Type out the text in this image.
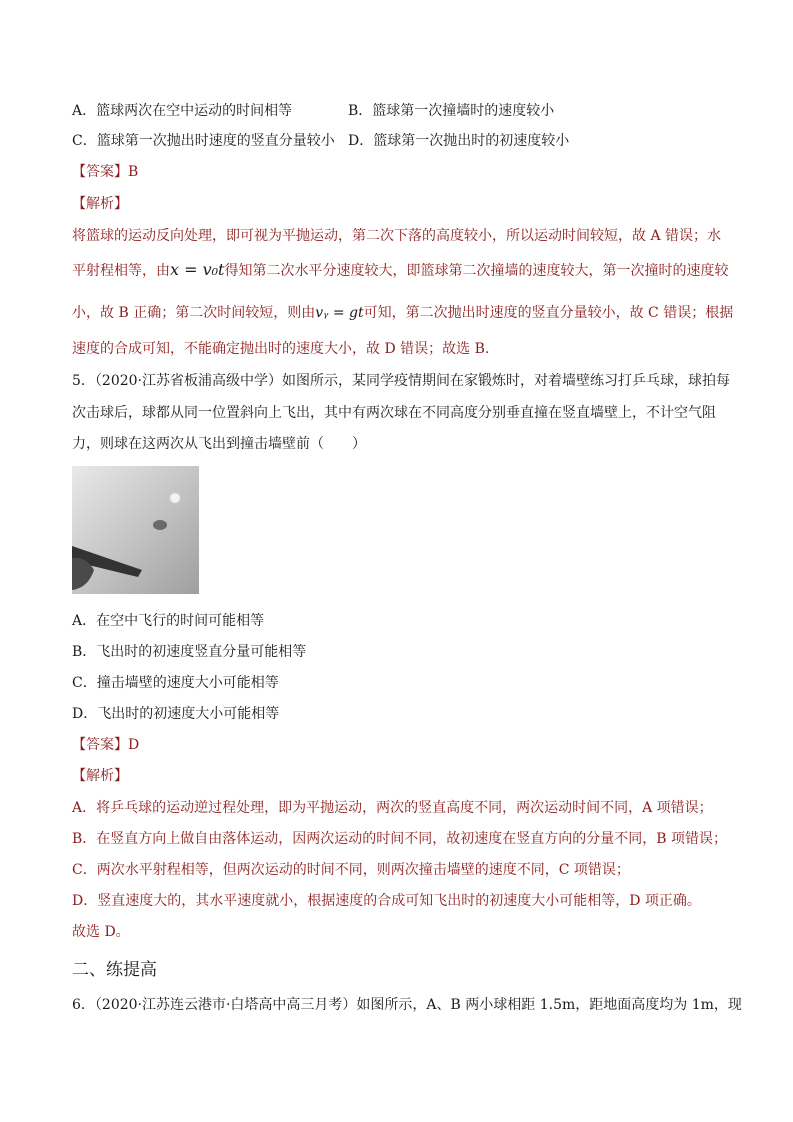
A．篮球两次在空中运动的时间相等	B．篮球第一次撞墙时的速度较小
C．篮球第一次抛出时速度的竖直分量较小 D．篮球第一次抛出时的初速度较小
【答案】B
【解析】
将篮球的运动反向处理，即可视为平抛运动，第二次下落的高度较小，所以运动时间较短，故 A 错误；水
平射程相等，由x = v₀t得知第二次水平分速度较大，即篮球第二次撞墙的速度较大，第一次撞时的速度较
小，故 B 正确；第二次时间较短，则由vᵧ = gt可知，第二次抛出时速度的竖直分量较小，故 C 错误；根据
速度的合成可知，不能确定抛出时的速度大小，故 D 错误；故选 B.
5．（2020·江苏省板浦高级中学）如图所示，某同学疫情期间在家锻炼时，对着墙壁练习打乒乓球，球拍每
次击球后，球都从同一位置斜向上飞出，其中有两次球在不同高度分别垂直撞在竖直墙壁上，不计空气阻
力，则球在这两次从飞出到撞击墙壁前（　　）
A．在空中飞行的时间可能相等
B．飞出时的初速度竖直分量可能相等
C．撞击墙壁的速度大小可能相等
D．飞出时的初速度大小可能相等
【答案】D
【解析】
A．将乒乓球的运动逆过程处理，即为平抛运动，两次的竖直高度不同，两次运动时间不同，A 项错误；
B．在竖直方向上做自由落体运动，因两次运动的时间不同，故初速度在竖直方向的分量不同，B 项错误；
C．两次水平射程相等，但两次运动的时间不同，则两次撞击墙壁的速度不同，C 项错误；
D．竖直速度大的，其水平速度就小，根据速度的合成可知飞出时的初速度大小可能相等，D 项正确。
故选 D。
二、练提高
6．（2020·江苏连云港市·白塔高中高三月考）如图所示，A、B 两小球相距 1.5m，距地面高度均为 1m，现
